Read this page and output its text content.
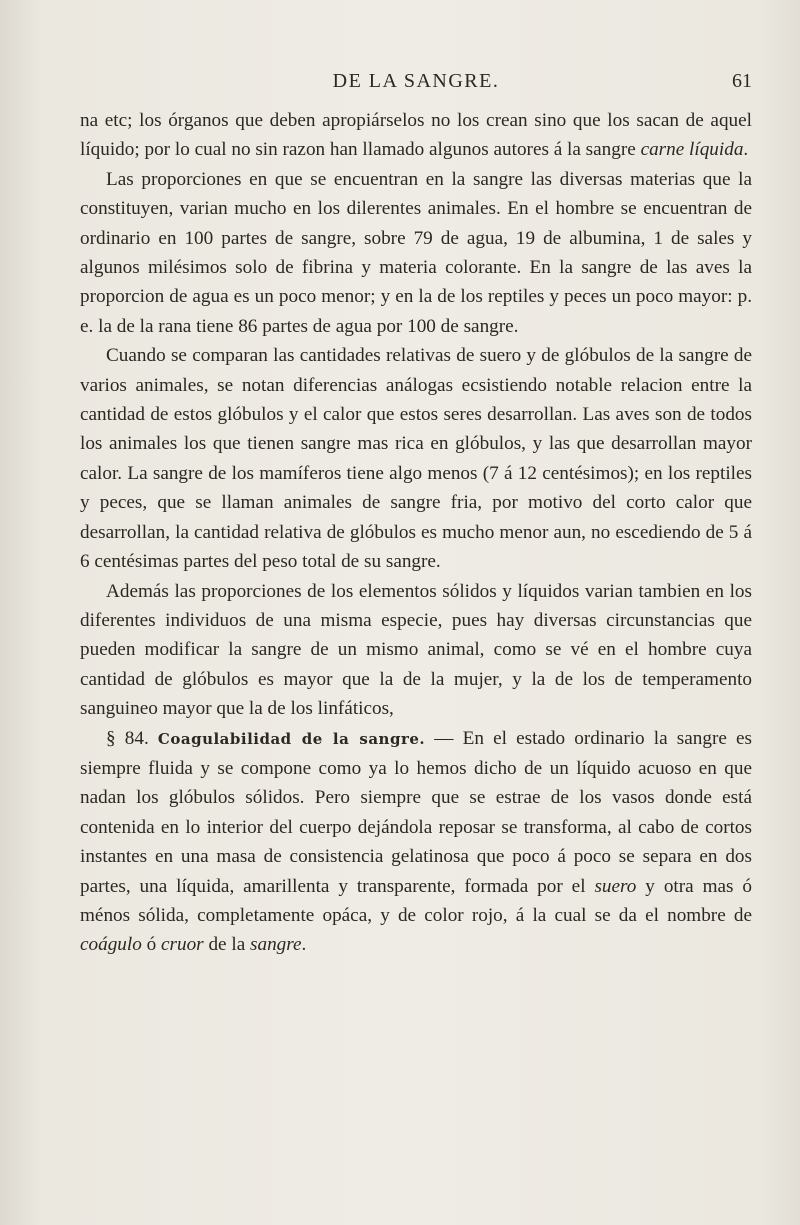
DE LA SANGRE.	61

na etc; los órganos que deben apropiárselos no los crean sino que los sacan de aquel líquido; por lo cual no sin razon han llamado algunos autores á la sangre carne líquida.

Las proporciones en que se encuentran en la sangre las diversas materias que la constituyen, varian mucho en los dilerentes animales. En el hombre se encuentran de ordinario en 100 partes de sangre, sobre 79 de agua, 19 de albumina, 1 de sales y algunos milésimos solo de fibrina y materia colorante. En la sangre de las aves la proporcion de agua es un poco menor; y en la de los reptiles y peces un poco mayor: p. e. la de la rana tiene 86 partes de agua por 100 de sangre.

Cuando se comparan las cantidades relativas de suero y de glóbulos de la sangre de varios animales, se notan diferencias análogas ecsistiendo notable relacion entre la cantidad de estos glóbulos y el calor que estos seres desarrollan. Las aves son de todos los animales los que tienen sangre mas rica en glóbulos, y las que desarrollan mayor calor. La sangre de los mamíferos tiene algo menos (7 á 12 centésimos); en los reptiles y peces, que se llaman animales de sangre fria, por motivo del corto calor que desarrollan, la cantidad relativa de glóbulos es mucho menor aun, no escediendo de 5 á 6 centésimas partes del peso total de su sangre.

Además las proporciones de los elementos sólidos y líquidos varian tambien en los diferentes individuos de una misma especie, pues hay diversas circunstancias que pueden modificar la sangre de un mismo animal, como se vé en el hombre cuya cantidad de glóbulos es mayor que la de la mujer, y la de los de temperamento sanguineo mayor que la de los linfáticos,

§ 84. Coagulabilidad de la sangre. — En el estado ordinario la sangre es siempre fluida y se compone como ya lo hemos dicho de un líquido acuoso en que nadan los glóbulos sólidos. Pero siempre que se estrae de los vasos donde está contenida en lo interior del cuerpo dejándola reposar se transforma, al cabo de cortos instantes en una masa de consistencia gelatinosa que poco á poco se separa en dos partes, una líquida, amarillenta y transparente, formada por el suero y otra mas ó ménos sólida, completamente opáca, y de color rojo, á la cual se da el nombre de coágulo ó cruor de la sangre.
